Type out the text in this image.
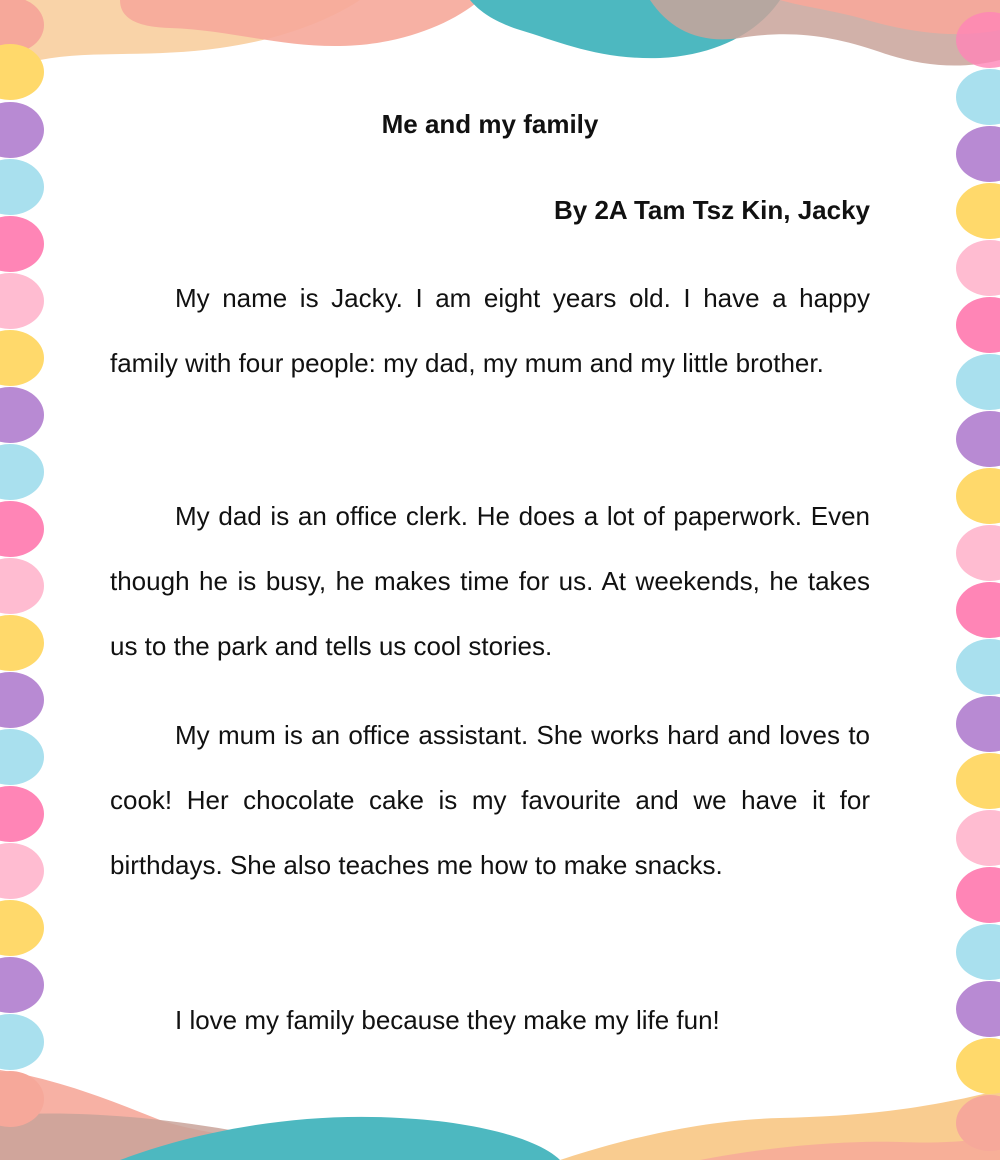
Me and my family

By 2A Tam Tsz Kin, Jacky

My name is Jacky. I am eight years old. I have a happy family with four people: my dad, my mum and my little brother.

My dad is an office clerk. He does a lot of paperwork. Even though he is busy, he makes time for us. At weekends, he takes us to the park and tells us cool stories.

My mum is an office assistant. She works hard and loves to cook! Her chocolate cake is my favourite and we have it for birthdays. She also teaches me how to make snacks.

I love my family because they make my life fun!
